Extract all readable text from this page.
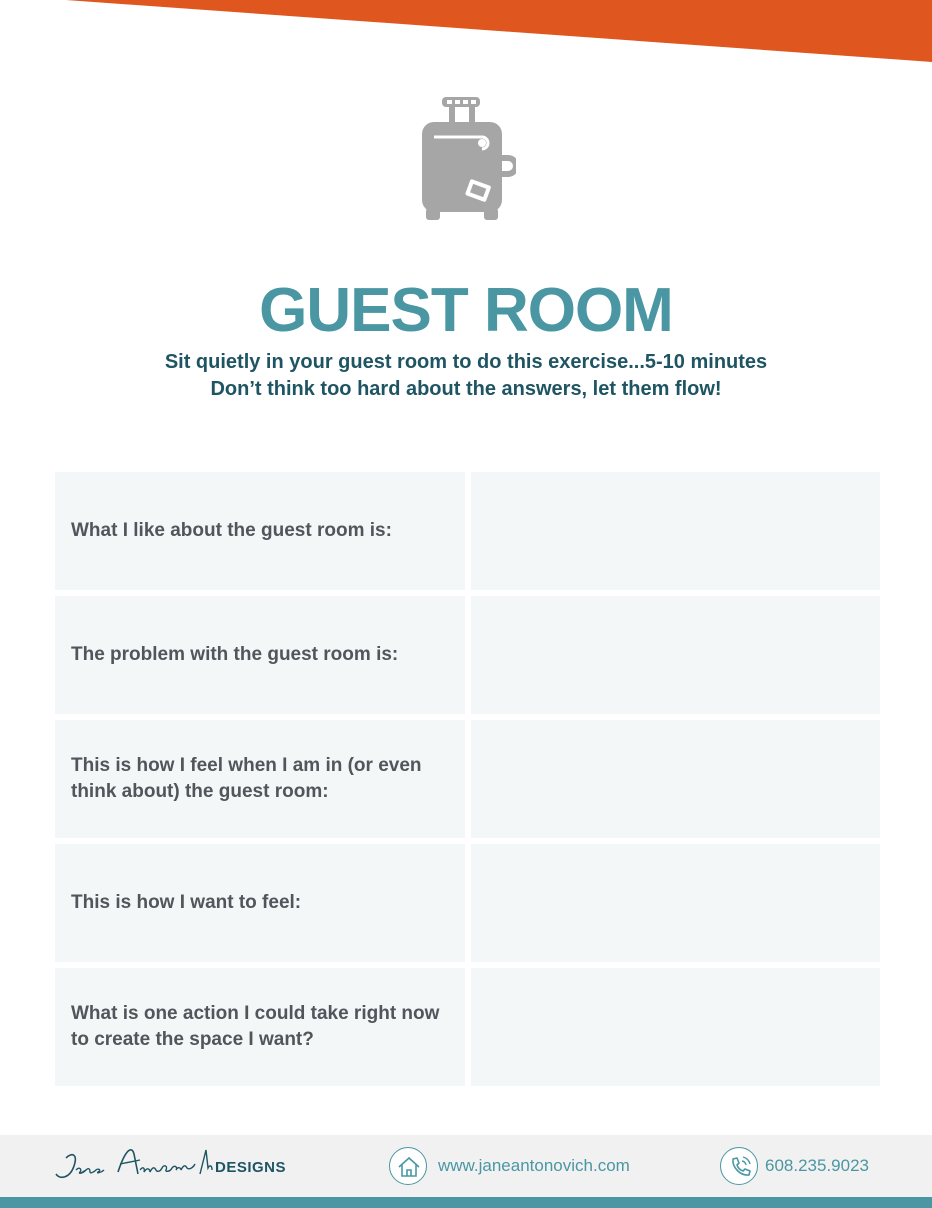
GUEST ROOM
Sit quietly in your guest room to do this exercise...5-10 minutes
Don’t think too hard about the answers, let them flow!
What I like about the guest room is:
The problem with the guest room is:
This is how I feel when I am in (or even think about) the guest room:
This is how I want to feel:
What is one action I could take right now to create the space I want?
DESIGNS	www.janeantonovich.com	608.235.9023
